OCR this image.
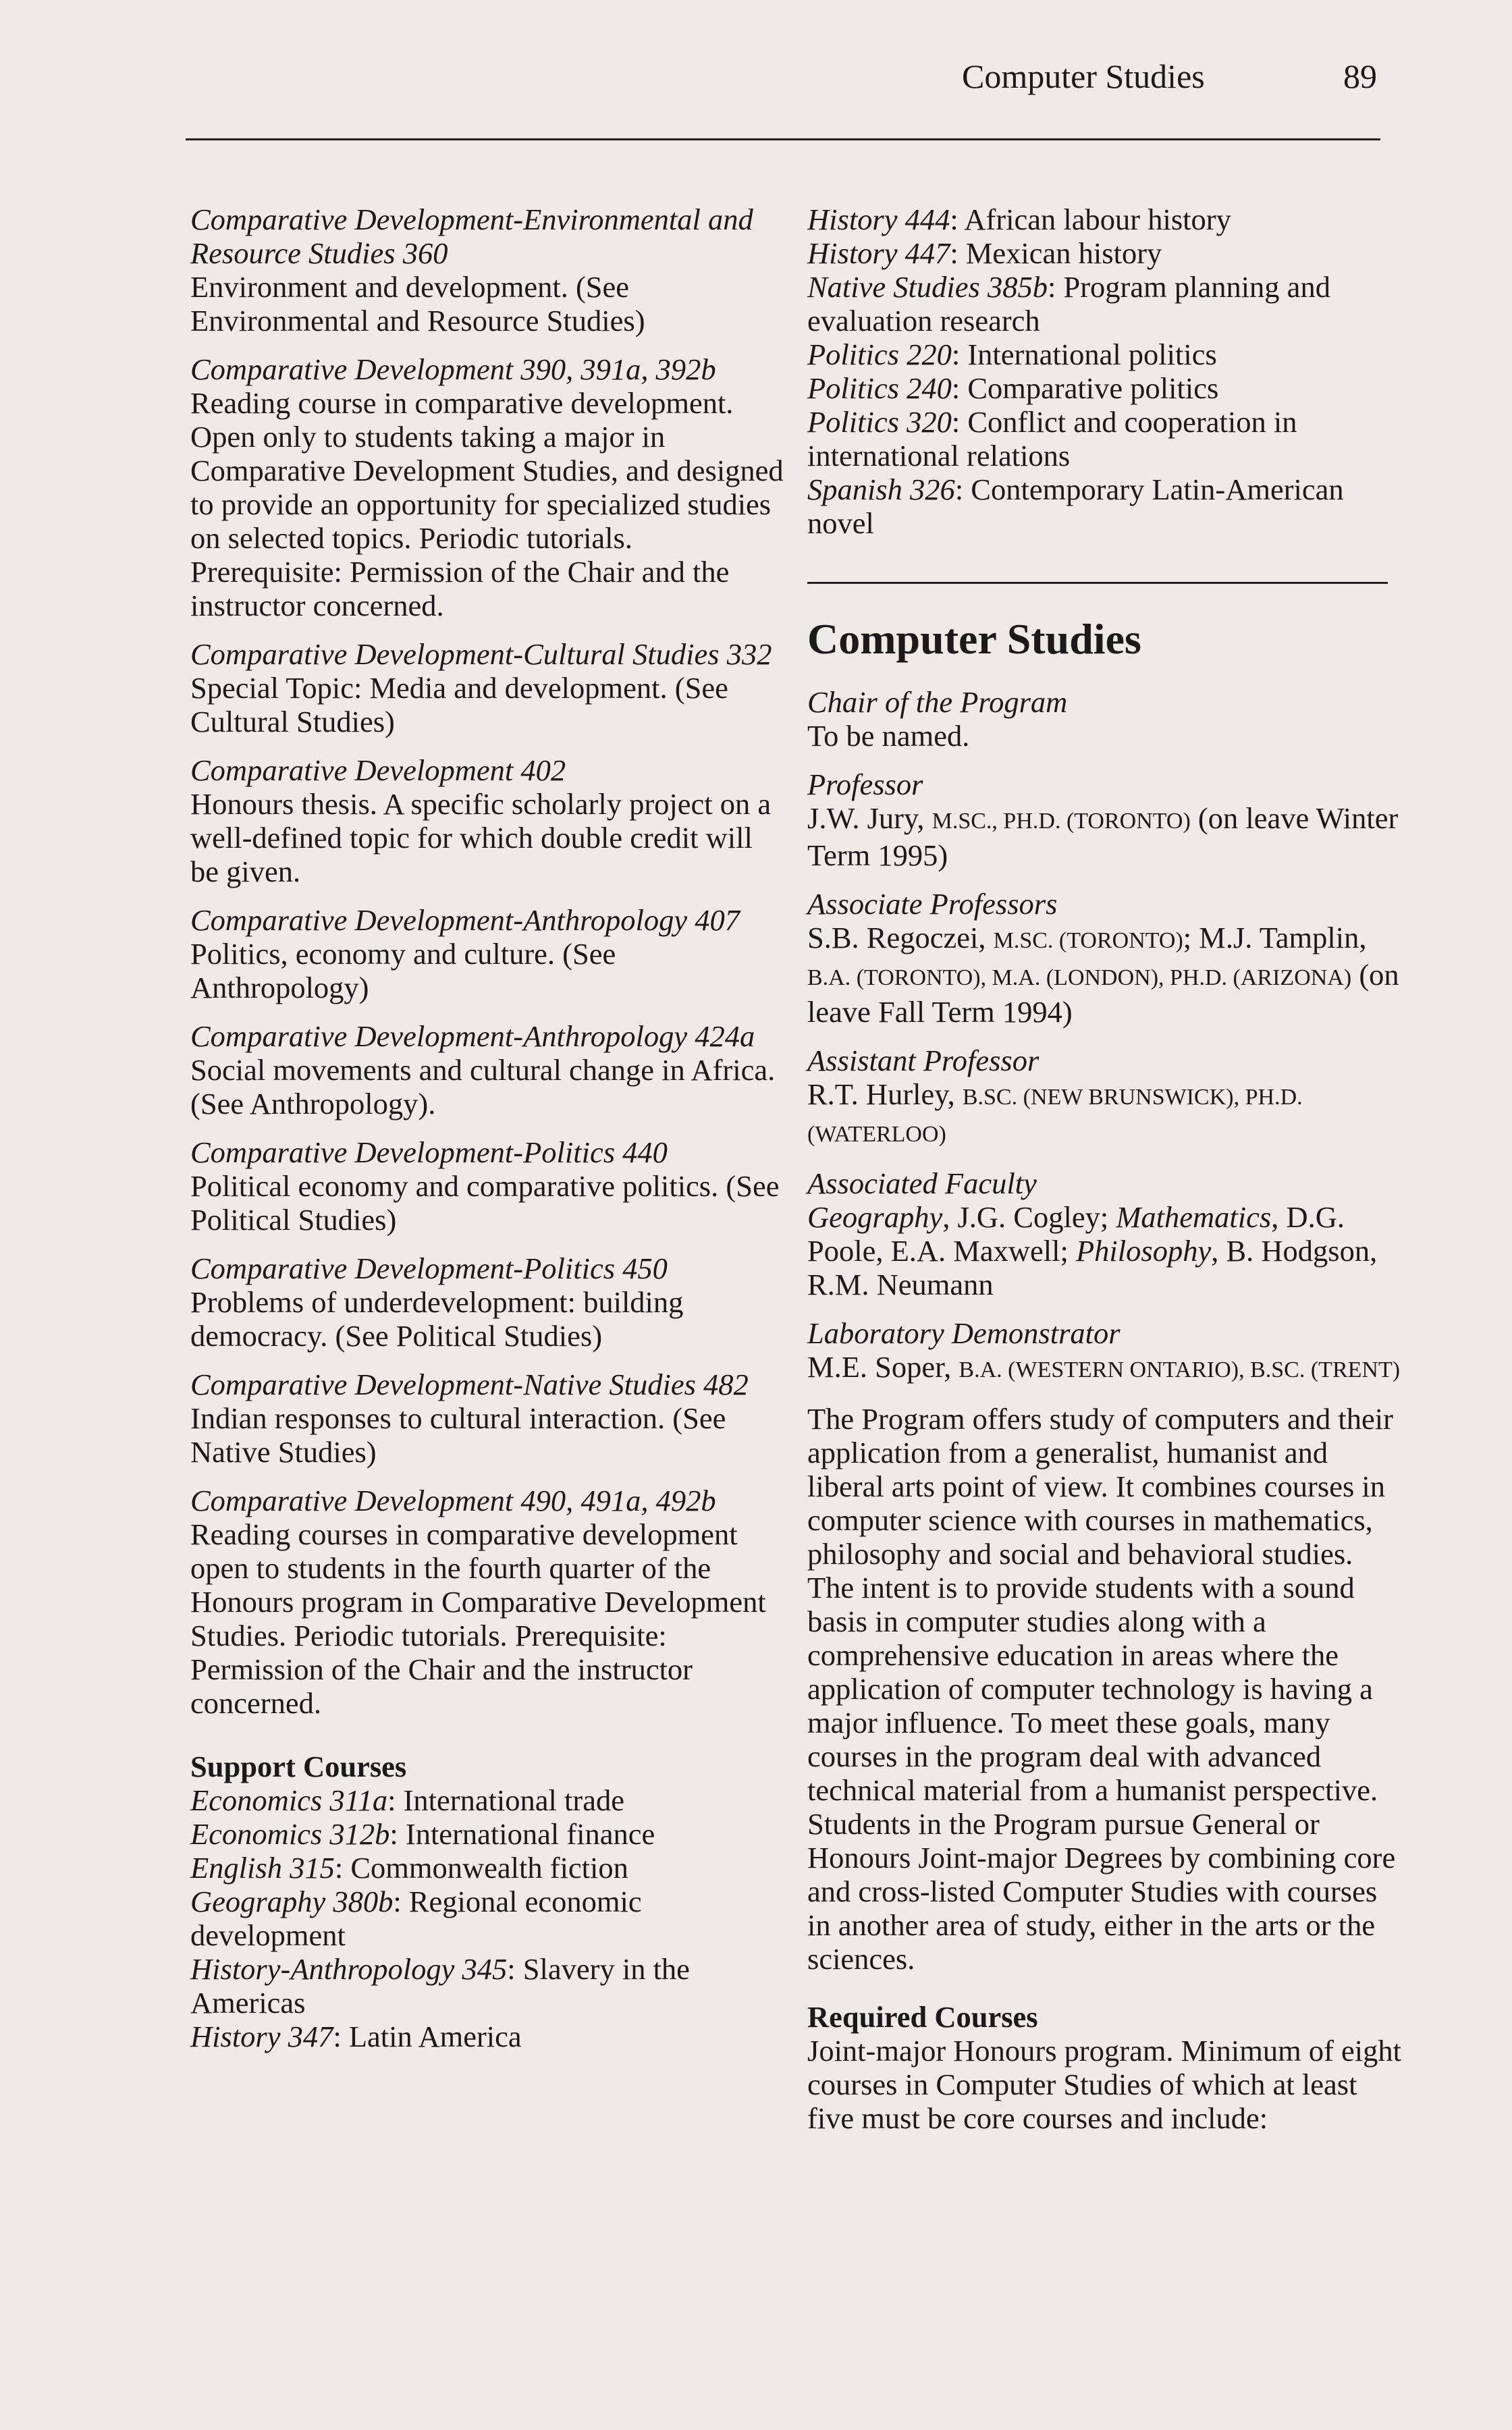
Computer Studies	89
Comparative Development-Environmental and Resource Studies 360
Environment and development. (See Environmental and Resource Studies)
Comparative Development 390, 391a, 392b
Reading course in comparative development. Open only to students taking a major in Comparative Development Studies, and designed to provide an opportunity for specialized studies on selected topics. Periodic tutorials. Prerequisite: Permission of the Chair and the instructor concerned.
Comparative Development-Cultural Studies 332
Special Topic: Media and development. (See Cultural Studies)
Comparative Development 402
Honours thesis. A specific scholarly project on a well-defined topic for which double credit will be given.
Comparative Development-Anthropology 407
Politics, economy and culture. (See Anthropology)
Comparative Development-Anthropology 424a
Social movements and cultural change in Africa. (See Anthropology).
Comparative Development-Politics 440
Political economy and comparative politics. (See Political Studies)
Comparative Development-Politics 450
Problems of underdevelopment: building democracy. (See Political Studies)
Comparative Development-Native Studies 482
Indian responses to cultural interaction. (See Native Studies)
Comparative Development 490, 491a, 492b
Reading courses in comparative development open to students in the fourth quarter of the Honours program in Comparative Development Studies. Periodic tutorials. Prerequisite: Permission of the Chair and the instructor concerned.
Support Courses
Economics 311a: International trade
Economics 312b: International finance
English 315: Commonwealth fiction
Geography 380b: Regional economic development
History-Anthropology 345: Slavery in the Americas
History 347: Latin America
History 444: African labour history
History 447: Mexican history
Native Studies 385b: Program planning and evaluation research
Politics 220: International politics
Politics 240: Comparative politics
Politics 320: Conflict and cooperation in international relations
Spanish 326: Contemporary Latin-American novel
Computer Studies
Chair of the Program
To be named.
Professor
J.W. Jury, M.SC., PH.D. (TORONTO) (on leave Winter Term 1995)
Associate Professors
S.B. Regoczei, M.SC. (TORONTO); M.J. Tamplin, B.A. (TORONTO), M.A. (LONDON), PH.D. (ARIZONA) (on leave Fall Term 1994)
Assistant Professor
R.T. Hurley, B.SC. (NEW BRUNSWICK), PH.D. (WATERLOO)
Associated Faculty
Geography, J.G. Cogley; Mathematics, D.G. Poole, E.A. Maxwell; Philosophy, B. Hodgson, R.M. Neumann
Laboratory Demonstrator
M.E. Soper, B.A. (WESTERN ONTARIO), B.SC. (TRENT)
The Program offers study of computers and their application from a generalist, humanist and liberal arts point of view. It combines courses in computer science with courses in mathematics, philosophy and social and behavioral studies. The intent is to provide students with a sound basis in computer studies along with a comprehensive education in areas where the application of computer technology is having a major influence. To meet these goals, many courses in the program deal with advanced technical material from a humanist perspective. Students in the Program pursue General or Honours Joint-major Degrees by combining core and cross-listed Computer Studies with courses in another area of study, either in the arts or the sciences.
Required Courses
Joint-major Honours program. Minimum of eight courses in Computer Studies of which at least five must be core courses and include:
